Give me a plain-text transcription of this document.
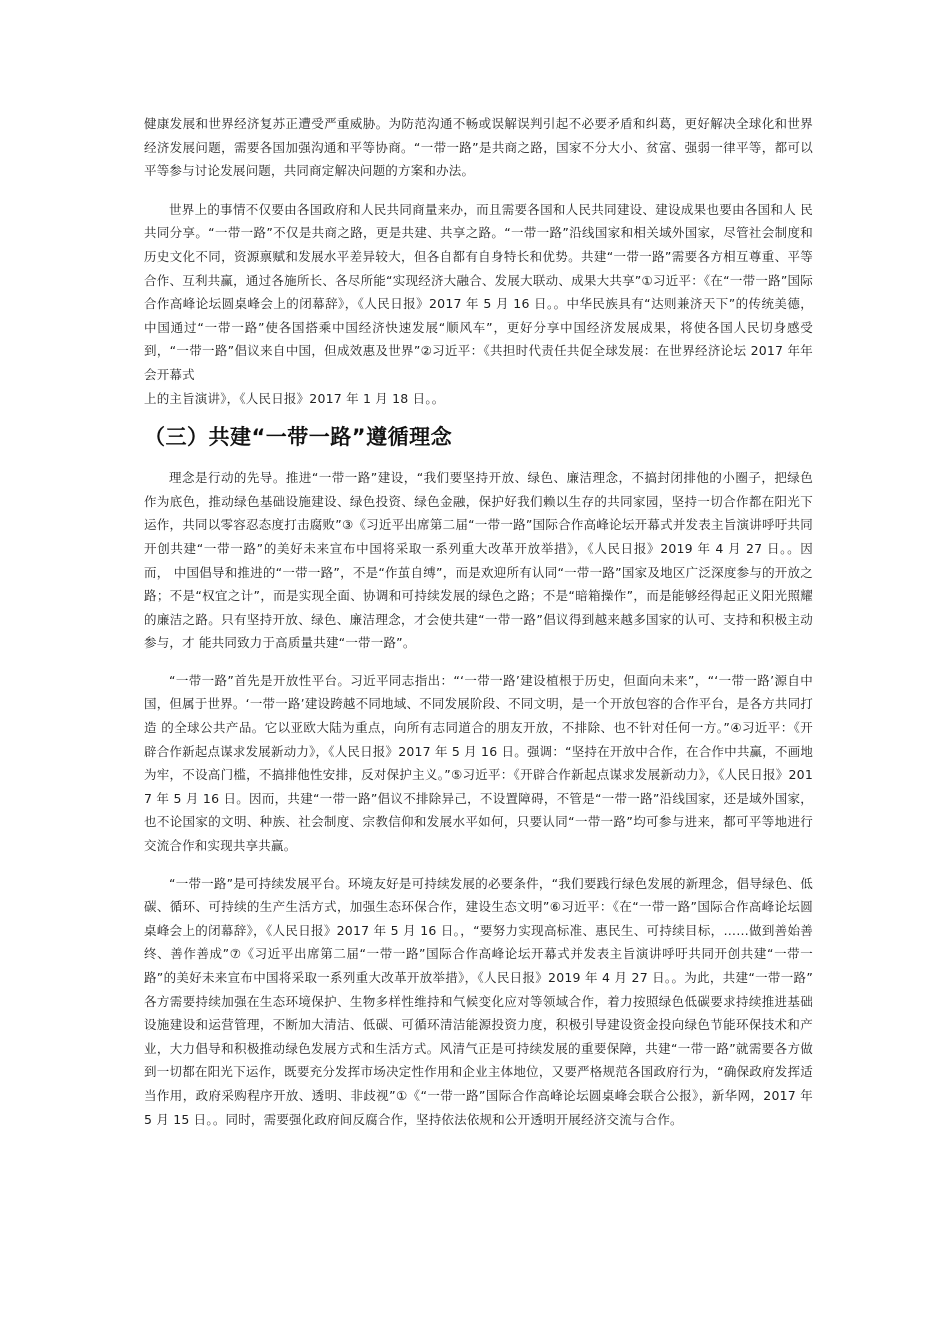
健康发展和世界经济复苏正遭受严重威胁。为防范沟通不畅或误解误判引起不必要矛盾和纠葛，更好解决全球化和世界 经济发展问题，需要各国加强沟通和平等协商。“一带一路”是共商之路，国家不分大小、贫富、强弱一律平等，都可以平等参与讨论发展问题，共同商定解决问题的方案和办法。

世界上的事情不仅要由各国政府和人民共同商量来办，而且需要各国和人民共同建设、建设成果也要由各国和人 民共同分享。“一带一路”不仅是共商之路，更是共建、共享之路。“一带一路”沿线国家和相关域外国家，尽管社会制度和历史文化不同，资源禀赋和发展水平差异较大，但各自都有自身特长和优势。共建“一带一路”需要各方相互尊重、平等合作、互利共赢，通过各施所长、各尽所能“实现经济大融合、发展大联动、成果大共享”①习近平：《在“一带一路”国际合作高峰论坛圆桌峰会上的闭幕辞》，《人民日报》2017 年 5 月 16 日。。中华民族具有“达则兼济天下”的传统美德， 中国通过“一带一路”使各国搭乘中国经济快速发展“顺风车”，更好分享中国经济发展成果，将使各国人民切身感受到，“一带一路”倡议来自中国，但成效惠及世界”②习近平：《共担时代责任共促全球发展：在世界经济论坛 2017 年年会开幕式

上的主旨演讲》，《人民日报》2017 年 1 月 18 日。。

（三）共建“一带一路”遵循理念

理念是行动的先导。推进“一带一路”建设，“我们要坚持开放、绿色、廉洁理念，不搞封闭排他的小圈子，把绿色 作为底色，推动绿色基础设施建设、绿色投资、绿色金融，保护好我们赖以生存的共同家园，坚持一切合作都在阳光下运作，共同以零容忍态度打击腐败”③《习近平出席第二届“一带一路”国际合作高峰论坛开幕式并发表主旨演讲呼吁共同开创共建“一带一路”的美好未来宣布中国将采取一系列重大改革开放举措》，《人民日报》2019 年 4 月 27 日。。因而， 中国倡导和推进的“一带一路”，不是“作茧自缚”，而是欢迎所有认同“一带一路”国家及地区广泛深度参与的开放之路；不是“权宜之计”，而是实现全面、协调和可持续发展的绿色之路；不是“暗箱操作”，而是能够经得起正义阳光照耀的廉洁之路。只有坚持开放、绿色、廉洁理念，才会使共建“一带一路”倡议得到越来越多国家的认可、支持和积极主动参与，才 能共同致力于高质量共建“一带一路”。

“一带一路”首先是开放性平台。习近平同志指出：“‘一带一路’建设植根于历史，但面向未来”，“‘一带一路’源自中国，但属于世界。‘一带一路’建设跨越不同地域、不同发展阶段、不同文明，是一个开放包容的合作平台，是各方共同打造 的全球公共产品。它以亚欧大陆为重点，向所有志同道合的朋友开放，不排除、也不针对任何一方。”④习近平：《开辟合作新起点谋求发展新动力》，《人民日报》2017 年 5 月 16 日。强调：“坚持在开放中合作，在合作中共赢，不画地为牢，不设高门槛，不搞排他性安排，反对保护主义。”⑤习近平：《开辟合作新起点谋求发展新动力》，《人民日报》2017 年 5 月 16 日。因而，共建“一带一路”倡议不排除异己，不设置障碍，不管是“一带一路”沿线国家，还是域外国家， 也不论国家的文明、种族、社会制度、宗教信仰和发展水平如何，只要认同“一带一路”均可参与进来，都可平等地进行 交流合作和实现共享共赢。

“一带一路”是可持续发展平台。环境友好是可持续发展的必要条件，“我们要践行绿色发展的新理念，倡导绿色、低碳、循环、可持续的生产生活方式，加强生态环保合作，建设生态文明”⑥习近平：《在“一带一路”国际合作高峰论坛圆桌峰会上的闭幕辞》，《人民日报》2017 年 5 月 16 日。，“要努力实现高标准、惠民生、可持续目标，……做到善始善终、善作善成”⑦《习近平出席第二届“一带一路”国际合作高峰论坛开幕式并发表主旨演讲呼吁共同开创共建“一带一路”的美好未来宣布中国将采取一系列重大改革开放举措》，《人民日报》2019 年 4 月 27 日。。为此，共建“一带一路” 各方需要持续加强在生态环境保护、生物多样性维持和气候变化应对等领域合作，着力按照绿色低碳要求持续推进基础设施建设和运营管理，不断加大清洁、低碳、可循环清洁能源投资力度，积极引导建设资金投向绿色节能环保技术和产业，大力倡导和积极推动绿色发展方式和生活方式。风清气正是可持续发展的重要保障，共建“一带一路”就需要各方做到一切都在阳光下运作，既要充分发挥市场决定性作用和企业主体地位，又要严格规范各国政府行为，“确保政府发挥适当作用，政府采购程序开放、透明、非歧视”①《“一带一路”国际合作高峰论坛圆桌峰会联合公报》，新华网，2017 年 5 月 15 日。。同时，需要强化政府间反腐合作，坚持依法依规和公开透明开展经济交流与合作。
